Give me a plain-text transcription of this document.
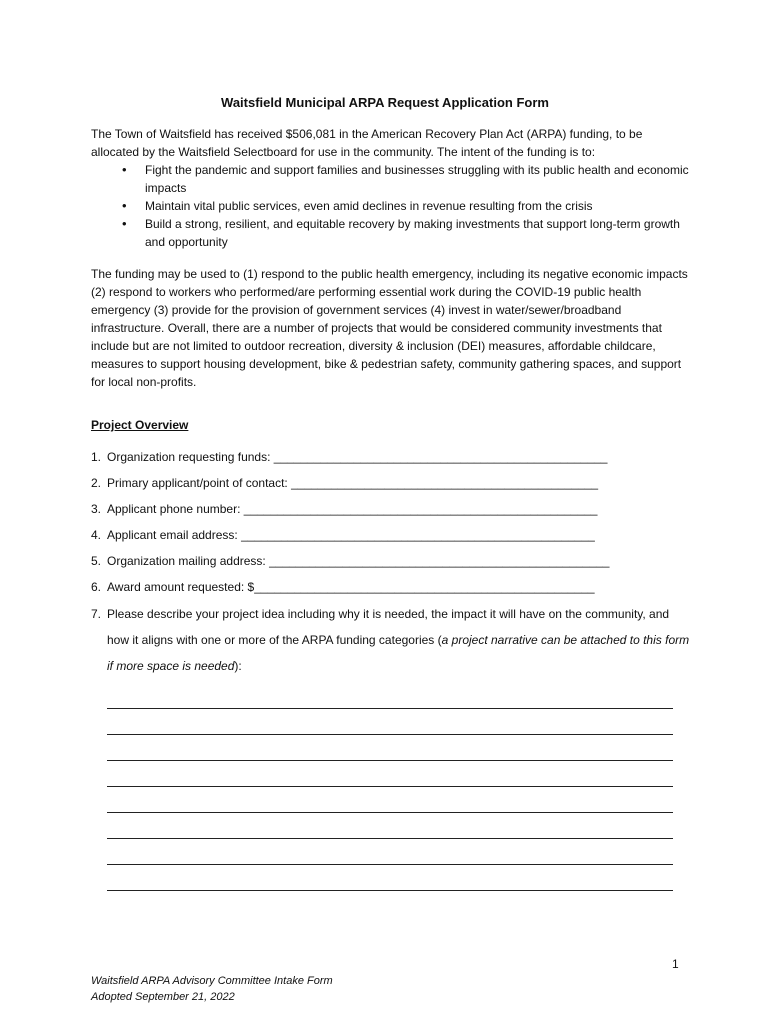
Waitsfield Municipal ARPA Request Application Form

The Town of Waitsfield has received $506,081 in the American Recovery Plan Act (ARPA) funding, to be allocated by the Waitsfield Selectboard for use in the community. The intent of the funding is to:

• Fight the pandemic and support families and businesses struggling with its public health and economic impacts
• Maintain vital public services, even amid declines in revenue resulting from the crisis
• Build a strong, resilient, and equitable recovery by making investments that support long-term growth and opportunity

The funding may be used to (1) respond to the public health emergency, including its negative economic impacts (2) respond to workers who performed/are performing essential work during the COVID-19 public health emergency (3) provide for the provision of government services (4) invest in water/sewer/broadband infrastructure. Overall, there are a number of projects that would be considered community investments that include but are not limited to outdoor recreation, diversity & inclusion (DEI) measures, affordable childcare, measures to support housing development, bike & pedestrian safety, community gathering spaces, and support for local non-profits.

Project Overview

1. Organization requesting funds: __________________________________________________
2. Primary applicant/point of contact: ______________________________________________
3. Applicant phone number: _____________________________________________________
4. Applicant email address: _____________________________________________________
5. Organization mailing address: ___________________________________________________
6. Award amount requested: $___________________________________________________
7. Please describe your project idea including why it is needed, the impact it will have on the community, and how it aligns with one or more of the ARPA funding categories (a project narrative can be attached to this form if more space is needed):
1
Waitsfield ARPA Advisory Committee Intake Form
Adopted September 21, 2022
